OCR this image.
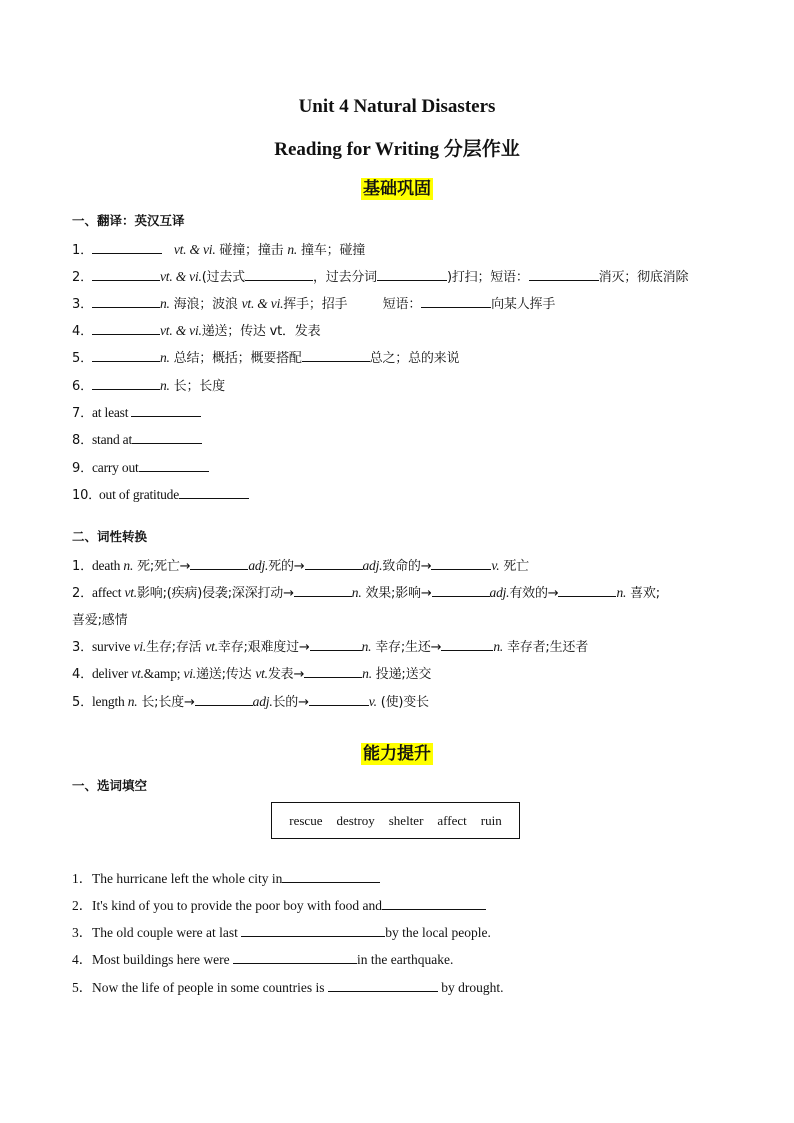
Unit 4 Natural Disasters
Reading for Writing 分层作业
基础巩固
一、翻译：英汉互译
1．	vt. & vi. 碰撞；撞击 n. 撞车；碰撞
2．	vt. & vi.(过去式	，过去分词	)打扫；短语：	消灭；彻底消除
3．	n. 海浪；波浪 vt. & vi.挥手；招手	短语：	向某人挥手
4．	vt. & vi.递送；传达 vt．发表
5．	n. 总结；概括；概要搭配	总之；总的来说
6．	n. 长；长度
7．at least
8．stand at
9．carry out
10．out of gratitude
二、词性转换
1．death n. 死;死亡→	adj.死的→	adj.致命的→	v. 死亡
2．affect vt.影响;(疾病)侵袭;深深打动→	n. 效果;影响→	adj.有效的→	n. 喜欢;
喜爱;感情
3．survive vi.生存;存活 vt.幸存;艰难度过→	n. 幸存;生还→	n. 幸存者;生还者
4．deliver vt.&amp; vi.递送;传达 vt.发表→	n. 投递;送交
5．length n. 长;长度→	adj.长的→	v. (使)变长
能力提升
一、选词填空
rescue destroy shelter affect ruin
1．The hurricane left the whole city in
2．It's kind of you to provide the poor boy with food and
3．The old couple were at last	by the local people.
4．Most buildings here were	in the earthquake.
5．Now the life of people in some countries is	by drought.
